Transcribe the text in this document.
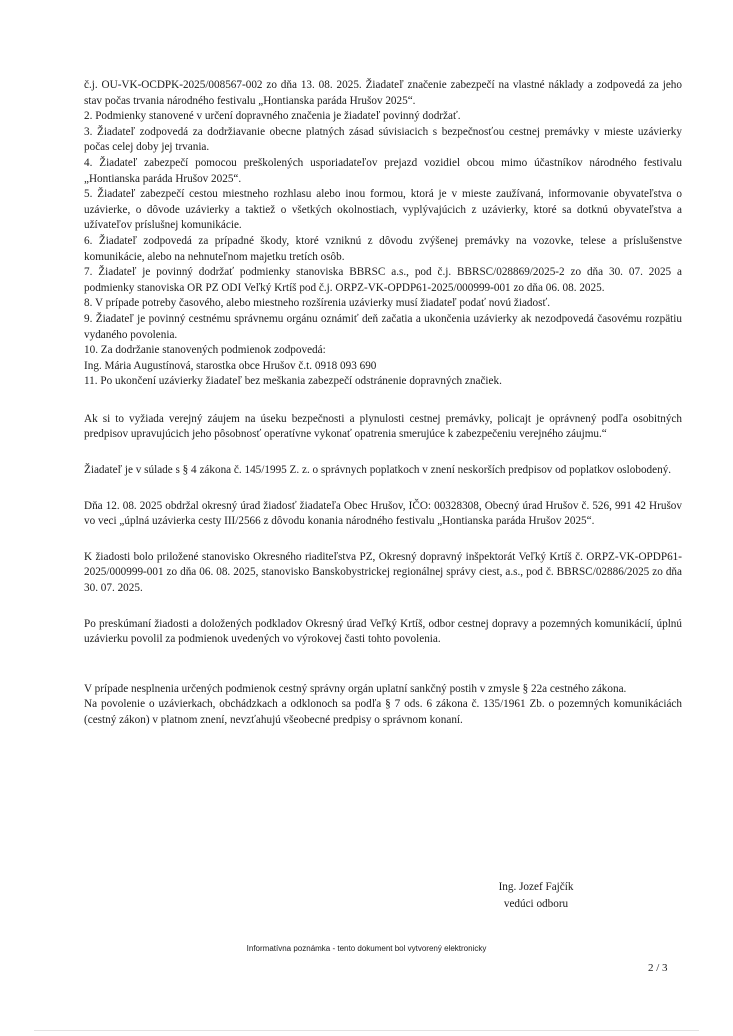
č.j. OU-VK-OCDPK-2025/008567-002 zo dňa 13. 08. 2025. Žiadateľ značenie zabezpečí na vlastné náklady a zodpovedá za jeho stav počas trvania národného festivalu „Hontianska paráda Hrušov 2025“.

2. Podmienky stanovené v určení dopravného značenia je žiadateľ povinný dodržať.

3. Žiadateľ zodpovedá za dodržiavanie obecne platných zásad súvisiacich s bezpečnosťou cestnej premávky v mieste uzávierky počas celej doby jej trvania.

4. Žiadateľ zabezpečí pomocou preškolených usporiadateľov prejazd vozidiel obcou mimo účastníkov národného festivalu „Hontianska paráda Hrušov 2025“.

5. Žiadateľ zabezpečí cestou miestneho rozhlasu alebo inou formou, ktorá je v mieste zaužívaná, informovanie obyvateľstva o uzávierke, o dôvode uzávierky a taktiež o všetkých okolnostiach, vyplývajúcich z uzávierky, ktoré sa dotknú obyvateľstva a užívateľov príslušnej komunikácie.

6. Žiadateľ zodpovedá za prípadné škody, ktoré vzniknú z dôvodu zvýšenej premávky na vozovke, telese a príslušenstve komunikácie, alebo na nehnuteľnom majetku tretích osôb.

7. Žiadateľ je povinný dodržať podmienky stanoviska BBRSC a.s., pod č.j. BBRSC/028869/2025-2 zo dňa 30. 07. 2025 a podmienky stanoviska OR PZ ODI Veľký Krtíš pod č.j. ORPZ-VK-OPDP61-2025/000999-001 zo dňa 06. 08. 2025.

8. V prípade potreby časového, alebo miestneho rozšírenia uzávierky musí žiadateľ podať novú žiadosť.

9. Žiadateľ je povinný cestnému správnemu orgánu oznámiť deň začatia a ukončenia uzávierky ak nezodpovedá časovému rozpätiu vydaného povolenia.

10. Za dodržanie stanovených podmienok zodpovedá:

Ing. Mária Augustínová, starostka obce Hrušov č.t. 0918 093 690

11. Po ukončení uzávierky žiadateľ bez meškania zabezpečí odstránenie dopravných značiek.

Ak si to vyžiada verejný záujem na úseku bezpečnosti a plynulosti cestnej premávky, policajt je oprávnený podľa osobitných predpisov upravujúcich jeho pôsobnosť operatívne vykonať opatrenia smerujúce k zabezpečeniu verejného záujmu.“
Žiadateľ je v súlade s § 4 zákona č. 145/1995 Z. z. o správnych poplatkoch v znení neskorších predpisov od poplatkov oslobodený.
Dňa 12. 08. 2025 obdržal okresný úrad žiadosť žiadateľa Obec Hrušov, IČO: 00328308, Obecný úrad Hrušov č. 526, 991 42 Hrušov vo veci „úplná uzávierka cesty III/2566 z dôvodu konania národného festivalu „Hontianska paráda Hrušov 2025“.
K žiadosti bolo priložené stanovisko Okresného riaditeľstva PZ, Okresný dopravný inšpektorát Veľký Krtíš č. ORPZ-VK-OPDP61-2025/000999-001 zo dňa 06. 08. 2025, stanovisko Banskobystrickej regionálnej správy ciest, a.s., pod č. BBRSC/02886/2025 zo dňa 30. 07. 2025.
Po preskúmaní žiadosti a doložených podkladov Okresný úrad Veľký Krtíš, odbor cestnej dopravy a pozemných komunikácií, úplnú uzávierku povolil za podmienok uvedených vo výrokovej časti tohto povolenia.
V prípade nesplnenia určených podmienok cestný správny orgán uplatní sankčný postih v zmysle § 22a cestného zákona.
Na povolenie o uzávierkach, obchádzkach a odklonoch sa podľa § 7 ods. 6 zákona č. 135/1961 Zb. o pozemných komunikáciách (cestný zákon) v platnom znení, nevzťahujú všeobecné predpisy o správnom konaní.
Ing. Jozef Fajčík
vedúci odboru
Informatívna poznámka - tento dokument bol vytvorený elektronicky
2 / 3
